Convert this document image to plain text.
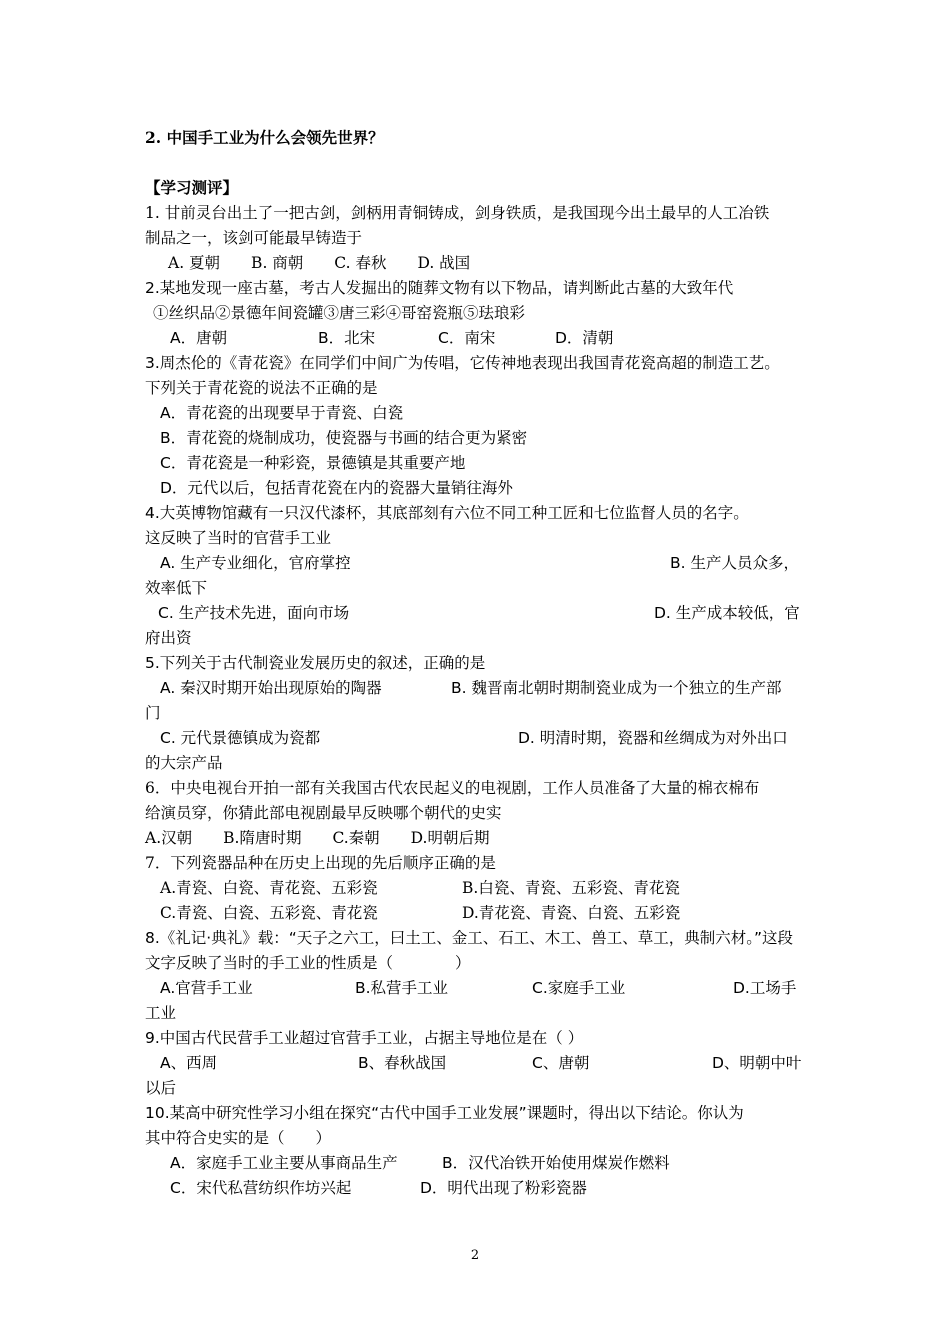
2. 中国手工业为什么会领先世界？
【学习测评】
1. 甘前灵台出土了一把古剑，剑柄用青铜铸成，剑身铁质，是我国现今出土最早的人工冶铁
制品之一，该剑可能最早铸造于
A. 夏朝　　B. 商朝　　C. 春秋　　D. 战国
2.某地发现一座古墓，考古人发掘出的随葬文物有以下物品，请判断此古墓的大致年代
①丝织品②景德年间瓷罐③唐三彩④哥窑瓷瓶⑤珐琅彩
A．唐朝	B．北宋	C．南宋	D．清朝
3.周杰伦的《青花瓷》在同学们中间广为传唱，它传神地表现出我国青花瓷高超的制造工艺。
下列关于青花瓷的说法不正确的是
A．青花瓷的出现要早于青瓷、白瓷
B．青花瓷的烧制成功，使瓷器与书画的结合更为紧密
C．青花瓷是一种彩瓷，景德镇是其重要产地
D．元代以后，包括青花瓷在内的瓷器大量销往海外
4.大英博物馆藏有一只汉代漆杯，其底部刻有六位不同工种工匠和七位监督人员的名字。
这反映了当时的官营手工业
A. 生产专业细化，官府掌控	B. 生产人员众多，
效率低下
C. 生产技术先进，面向市场	D. 生产成本较低，官
府出资
5.下列关于古代制瓷业发展历史的叙述，正确的是
A. 秦汉时期开始出现原始的陶器	B. 魏晋南北朝时期制瓷业成为一个独立的生产部
门
C. 元代景德镇成为瓷都	D. 明清时期，瓷器和丝绸成为对外出口
的大宗产品
6．中央电视台开拍一部有关我国古代农民起义的电视剧，工作人员准备了大量的棉衣棉布
给演员穿，你猜此部电视剧最早反映哪个朝代的史实
A.汉朝　　B.隋唐时期　　C.秦朝　　D.明朝后期
7．下列瓷器品种在历史上出现的先后顺序正确的是
A.青瓷、白瓷、青花瓷、五彩瓷	B.白瓷、青瓷、五彩瓷、青花瓷
C.青瓷、白瓷、五彩瓷、青花瓷	D.青花瓷、青瓷、白瓷、五彩瓷
8.《礼记·典礼》载：“天子之六工，曰土工、金工、石工、木工、兽工、草工，典制六材。”这段
文字反映了当时的手工业的性质是（　　　　）
A.官营手工业	B.私营手工业	C.家庭手工业	D.工场手
工业
9.中国古代民营手工业超过官营手工业，占据主导地位是在（ ）
A、西周	B、春秋战国	C、唐朝	D、明朝中叶
以后
10.某高中研究性学习小组在探究“古代中国手工业发展”课题时，得出以下结论。你认为
其中符合史实的是（　　）
A．家庭手工业主要从事商品生产	B．汉代冶铁开始使用煤炭作燃料
C．宋代私营纺织作坊兴起	D．明代出现了粉彩瓷器
2
